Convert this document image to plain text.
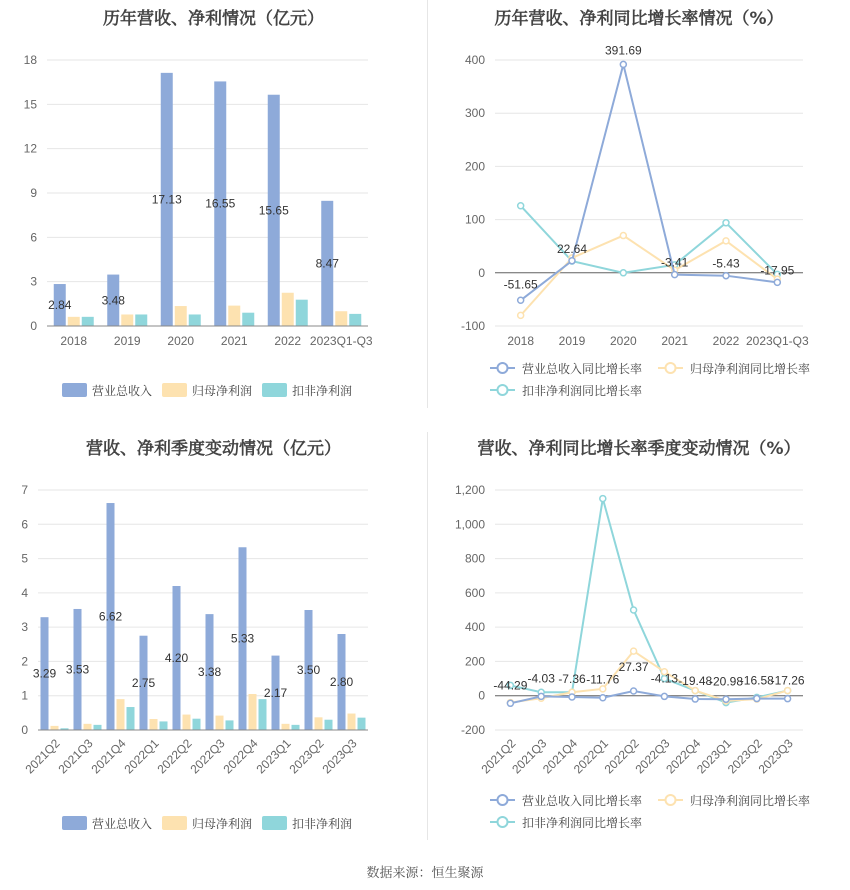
历年营收、净利情况（亿元）
0
3
6
9
12
15
18
2.84	3.48
17.13 16.55 15.65
8.47
2018 2019 2020 2021 2022 2023Q1-Q3
营业总收入	归母净利润	扣非净利润
历年营收、净利同比增长率情况（%）
-100
0
100
200
300
400
-51.65
22.64
391.69
-3.41 -5.43 -17.95
2018 2019 2020 2021 2022 2023Q1-Q3
营业总收入同比增长率	归母净利润同比增长率
扣非净利润同比增长率
营收、净利季度变动情况（亿元）
0
1
2
3
4
5
6
7
3.29 3.53
6.62
2.75
4.20
3.38
5.33
2.17
3.50
2.80
2021Q2
2021Q3
2021Q4
2022Q1
2022Q2
2022Q3
2022Q4
2023Q1
2023Q2
2023Q3
营业总收入	归母净利润	扣非净利润
营收、净利同比增长率季度变动情况（%）
-200
0
200
400
600
800
1,000
1,200
-44.29 -4.03 -7.36 -11.76
27.37
-4.13 -19.48
-20.98
-16.58
-17.26
2021Q2
2021Q3
2021Q4
2022Q1
2022Q2
2022Q3
2022Q4
2023Q1
2023Q2
2023Q3
营业总收入同比增长率	归母净利润同比增长率
扣非净利润同比增长率
数据来源：恒生聚源
